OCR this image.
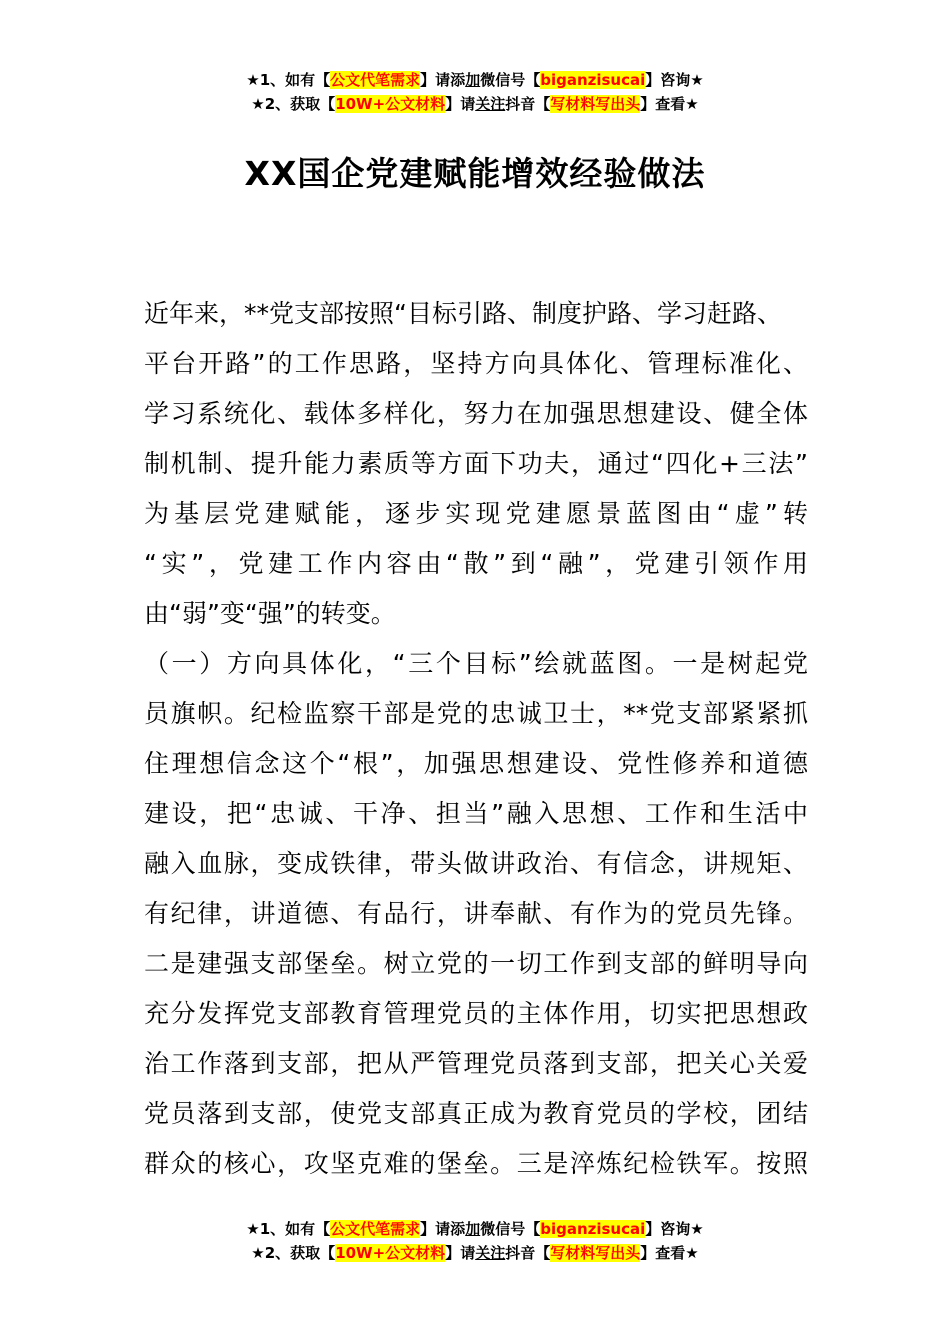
★1、如有【公文代笔需求】请添加微信号【biganzisucai】咨询★
★2、获取【10W+公文材料】请关注抖音【写材料写出头】查看★
XX国企党建赋能增效经验做法
近年来，**党支部按照“目标引路、制度护路、学习赶路、
平台开路”的工作思路，坚持方向具体化、管理标准化、
学习系统化、载体多样化，努力在加强思想建设、健全体
制机制、提升能力素质等方面下功夫，通过“四化+三法”
为基层党建赋能，逐步实现党建愿景蓝图由“虚”转
“实”，党建工作内容由“散”到“融”，党建引领作用
由“弱”变“强”的转变。
（一）方向具体化，“三个目标”绘就蓝图。一是树起党
员旗帜。纪检监察干部是党的忠诚卫士，**党支部紧紧抓
住理想信念这个“根”，加强思想建设、党性修养和道德
建设，把“忠诚、干净、担当”融入思想、工作和生活中
融入血脉，变成铁律，带头做讲政治、有信念，讲规矩、
有纪律，讲道德、有品行，讲奉献、有作为的党员先锋。
二是建强支部堡垒。树立党的一切工作到支部的鲜明导向
充分发挥党支部教育管理党员的主体作用，切实把思想政
治工作落到支部，把从严管理党员落到支部，把关心关爱
党员落到支部，使党支部真正成为教育党员的学校，团结
群众的核心，攻坚克难的堡垒。三是淬炼纪检铁军。按照
★1、如有【公文代笔需求】请添加微信号【biganzisucai】咨询★
★2、获取【10W+公文材料】请关注抖音【写材料写出头】查看★
